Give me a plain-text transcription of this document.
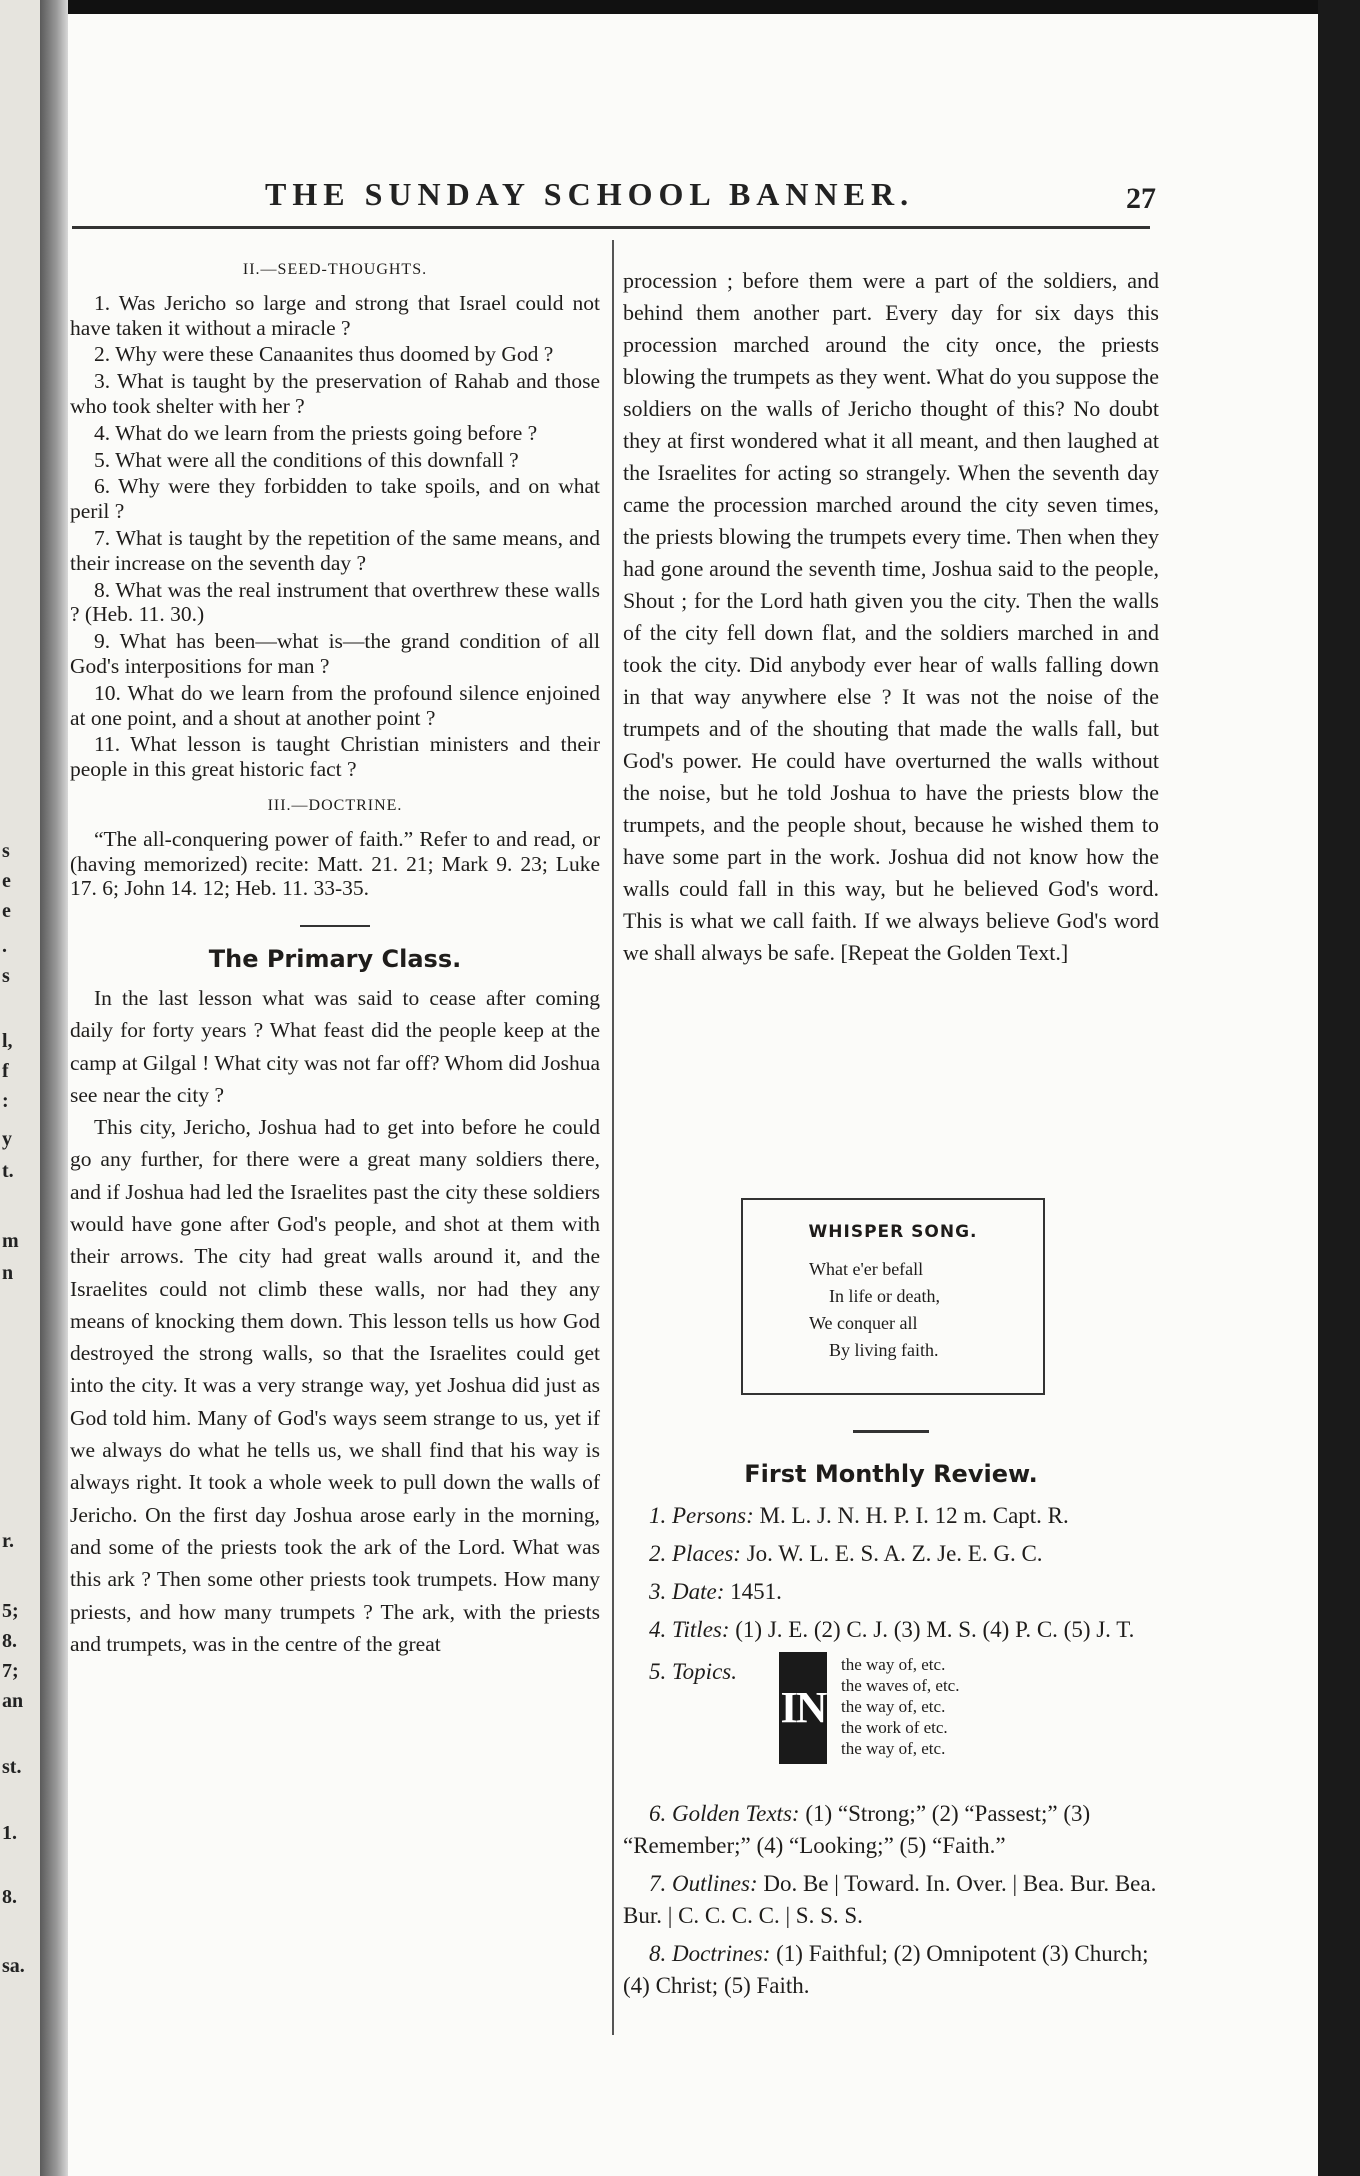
s
e
e
.
s
l,
f
:
y
t.
m
n
r.
5;
8.
7;
an
st.
1.
8.
sa.
THE SUNDAY SCHOOL BANNER.	27
II.—SEED-THOUGHTS.

1. Was Jericho so large and strong that Israel could not have taken it without a miracle ?

2. Why were these Canaanites thus doomed by God ?

3. What is taught by the preservation of Rahab and those who took shelter with her ?

4. What do we learn from the priests going before ?

5. What were all the conditions of this downfall ?

6. Why were they forbidden to take spoils, and on what peril ?

7. What is taught by the repetition of the same means, and their increase on the seventh day ?

8. What was the real instrument that overthrew these walls ? (Heb. 11. 30.)

9. What has been—what is—the grand condition of all God's interpositions for man ?

10. What do we learn from the profound silence enjoined at one point, and a shout at another point ?

11. What lesson is taught Christian ministers and their people in this great historic fact ?

III.—DOCTRINE.

“The all-conquering power of faith.” Refer to and read, or (having memorized) recite: Matt. 21. 21; Mark 9. 23; Luke 17. 6; John 14. 12; Heb. 11. 33-35.

The Primary Class.

In the last lesson what was said to cease after coming daily for forty years ? What feast did the people keep at the camp at Gilgal ! What city was not far off? Whom did Joshua see near the city ?

This city, Jericho, Joshua had to get into before he could go any further, for there were a great many soldiers there, and if Joshua had led the Israelites past the city these soldiers would have gone after God's people, and shot at them with their arrows. The city had great walls around it, and the Israelites could not climb these walls, nor had they any means of knocking them down. This lesson tells us how God destroyed the strong walls, so that the Israelites could get into the city. It was a very strange way, yet Joshua did just as God told him. Many of God's ways seem strange to us, yet if we always do what he tells us, we shall find that his way is always right. It took a whole week to pull down the walls of Jericho. On the first day Joshua arose early in the morning, and some of the priests took the ark of the Lord. What was this ark ? Then some other priests took trumpets. How many priests, and how many trumpets ? The ark, with the priests and trumpets, was in the centre of the great

procession ; before them were a part of the soldiers, and behind them another part. Every day for six days this procession marched around the city once, the priests blowing the trumpets as they went. What do you suppose the soldiers on the walls of Jericho thought of this? No doubt they at first wondered what it all meant, and then laughed at the Israelites for acting so strangely. When the seventh day came the procession marched around the city seven times, the priests blowing the trumpets every time. Then when they had gone around the seventh time, Joshua said to the people, Shout ; for the Lord hath given you the city. Then the walls of the city fell down flat, and the soldiers marched in and took the city. Did anybody ever hear of walls falling down in that way anywhere else ? It was not the noise of the trumpets and of the shouting that made the walls fall, but God's power. He could have overturned the walls without the noise, but he told Joshua to have the priests blow the trumpets, and the people shout, because he wished them to have some part in the work. Joshua did not know how the walls could fall in this way, but he believed God's word. This is what we call faith. If we always believe God's word we shall always be safe. [Repeat the Golden Text.]

WHISPER SONG.
What e'er befall
In life or death,
We conquer all
By living faith.
First Monthly Review.

1. Persons: M. L. J. N. H. P. I. 12 m. Capt. R.

2. Places: Jo. W. L. E. S. A. Z. Je. E. G. C.

3. Date: 1451.

4. Titles: (1) J. E. (2) C. J. (3) M. S. (4) P. C. (5) J. T.

5. Topics.
IN
the way of, etc.
the waves of, etc.
the way of, etc.
the work of etc.
the way of, etc.

6. Golden Texts: (1) “Strong;” (2) “Passest;” (3) “Remember;” (4) “Looking;” (5) “Faith.”

7. Outlines: Do. Be | Toward. In. Over. | Bea. Bur. Bea. Bur. | C. C. C. C. | S. S. S.

8. Doctrines: (1) Faithful; (2) Omnipotent (3) Church; (4) Christ; (5) Faith.
